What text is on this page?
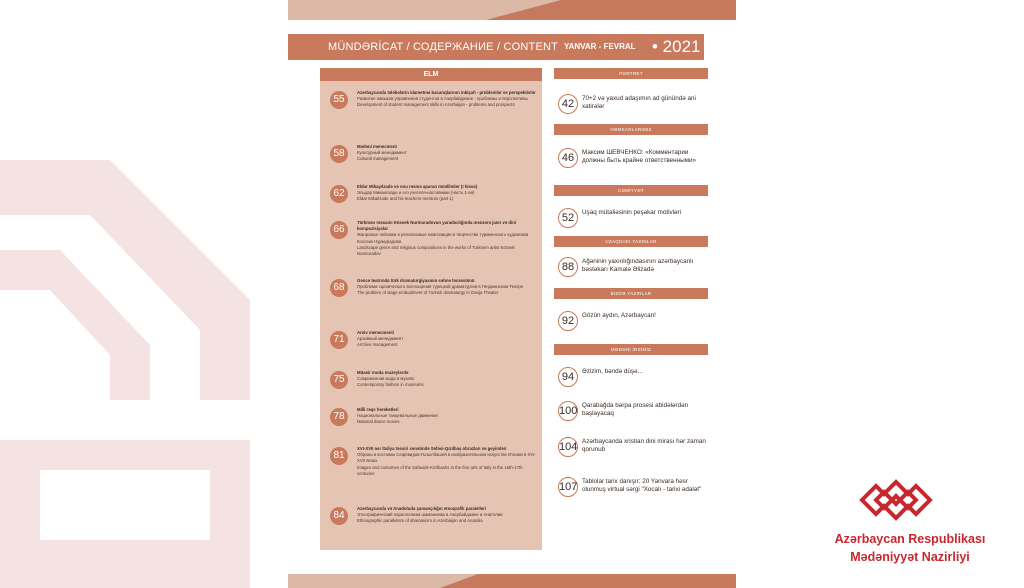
MÜNDƏRİCAT / СОДЕРЖАНИЕ / CONTENT YANVAR - FEVRAL • 2021
ELM
55
Azərbaycanda tələbələrin idarəetmə bacarıqlarının inkişafı - problemlər və perspektivlər
Развитие навыков управления студентов в Азербайджане - проблемы и перспективы
Development of student management skills in Azerbaijan - problems and prospects
58
Mədəni menecment
Культурный менеджмент
Cultural management
62
Eldar Mikayılzadə və onu rəsmə aparan müəllimlər (I hissə)
Эльдар Микаилзаде и его учителя-наставники (часть 1-ая)
Eldar Mikailzade and his teachers-mentors (part 1)
66
Türkmən rəssamı Kössek Nurmuradovun yaradıcılığında mənzərə janrı və dini kompozisiyalar
Жанровые пейзажи и религиозные композиции в творчестве туркменского художника Коссека Нурмурадова
Landscape genre and religious compositions in the works of Turkmen artist Kössek Nurmuradov
68
Gəncə teatrında türk dramaturgiyasının səhnə təcəssümü
Проблема сценического воплощения турецкой драматургии в Гянджинском Театре
The problem of stage embodiment of Turkish dramaturgy in Ganja Theater
71
Arxiv menecmenti
Архивный менеджмент
Archive management
75
Müasir moda muzeylərdə
Современная мода в музеях
Contemporary fashion in museums
78
Milli rəqs hərəkətləri
Национальные танцевальные движения
National dance moves
81
XVI-XVII əsr İtaliya təsviri sənətində Səfəvi-Qızılbaş obrazları və geyimləri
Образы и костюмы Сефевидов-Гызылбашей в изобразительном искусстве Италии в XVI-XVII веках
Images and costumes of the Safavids-Kizilbashs in the fine arts of Italy in the 16th-17th centuries
84
Azərbaycanda və Anadoluda şamançılığın etnoqrafik paralelləri
Этнографический параллелизм шаманизма в Азербайджане и Анатолии
Ethnographic parallelism of shamanism in Azerbaijan and Anatolia
PORTRET
42	70+2 və yaxud adaşımın ad günündə ani xatirələr
HƏMKARLARIMIZ
46	Максим ШЕВЧЕНКО: «Комментарии должны быть крайне ответственными»
CƏMİYYƏT
52	Uşaq mütaliəsinin peşəkar motivləri
UZAQDAKI YAXINLAR
88	Ağəninin yaxınlığındasının azərbaycanlı bəstəkarı Kamalə Əlizadə
BİZDƏ YAZIRLAR
92	Gözün aydın, Azərbaycan!
MƏDƏNİ İRSİMİZ
94	Əzizim, bəndə düşə...
100 Qarabağda bərpa prosesi abidələrdən başlayacaq
104 Azərbaycanda xristian dini mirası hər zaman qorunub
107 Tablolar tarix danışır: 20 Yanvara həsr olunmuş virtual sərgi "Xocalı - tarixi ədalət"
Azərbaycan Respublikası
Mədəniyyət Nazirliyi
